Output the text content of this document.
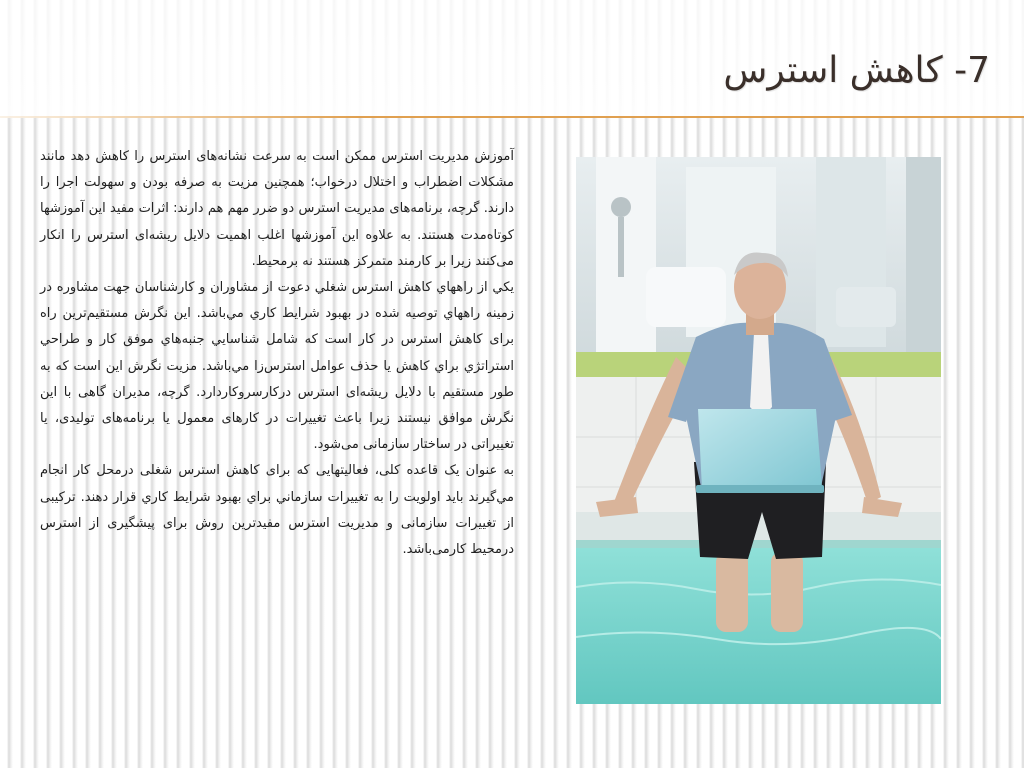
7- کاهش استرس

آموزش مدیریت استرس ممکن است به سرعت نشانه‌های استرس را کاهش دهد مانند مشکلات اضطراب و اختلال درخواب؛ همچنین مزیت به صرفه بودن و سهولت اجرا را دارند. گرچه، برنامه‌های مدیریت استرس دو ضرر مهم هم دارند: اثرات مفید این آموزشها کوتاه‌مدت هستند. به علاوه این آموزشها اغلب اهمیت دلایل ریشه‌ای استرس را انکار می‌کنند زیرا بر کارمند متمرکز هستند نه برمحیط.

يكي از راههاي كاهش استرس شغلي دعوت از مشاوران و كارشناسان جهت مشاوره در زمينه راههاي توصيه شده در بهبود شرايط كاري مي‌باشد. این نگرش مستقیم‌ترین راه برای کاهش استرس در کار است كه شامل شناسايي جنبه‌هاي موفق كار و طراحي استراتژي براي كاهش يا حذف عوامل استرس‌زا مي‌باشد. مزیت نگرش این است که به طور مستقیم با دلایل ریشه‌ای استرس درکارسروکاردارد. گرچه، مدیران گاهی با این نگرش موافق نیستند زیرا باعث تغییرات در کارهای معمول یا برنامه‌های تولیدی، یا تغییراتی در ساختار سازمانی می‌شود.

به عنوان یک قاعده کلی، فعالیتهایی كه برای كاهش استرس شغلی درمحل کار انجام مي‌گيرند بايد اولويت را به تغييرات سازماني براي بهبود شرايط كاري قرار دهند. ترکیبی از تغییرات سازمانی و مدیریت استرس مفیدترین روش برای پیشگیری از استرس درمحیط کارمی‌باشد.
